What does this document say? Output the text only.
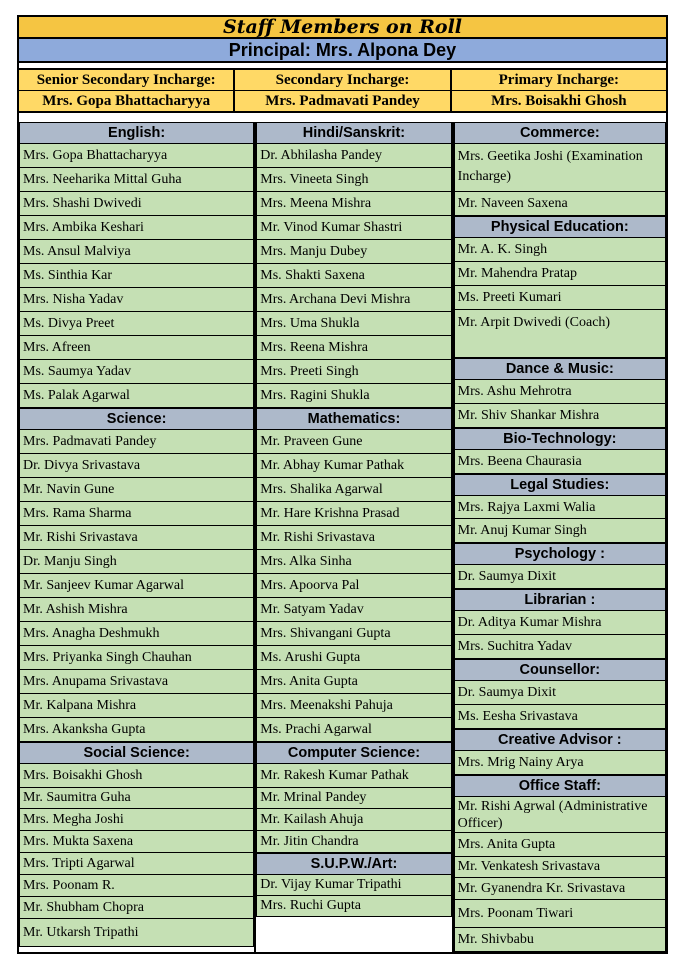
Staff Members on Roll
Principal: Mrs. Alpona Dey
Senior Secondary Incharge:
Mrs. Gopa Bhattacharyya
Secondary Incharge:
Mrs. Padmavati Pandey
Primary Incharge:
Mrs. Boisakhi Ghosh
English:
Mrs. Gopa Bhattacharyya
Mrs. Neeharika Mittal Guha
Mrs. Shashi Dwivedi
Mrs. Ambika Keshari
Ms. Ansul Malviya
Ms. Sinthia Kar
Mrs. Nisha Yadav
Ms. Divya Preet
Mrs. Afreen
Ms. Saumya Yadav
Ms. Palak Agarwal
Science:
Mrs. Padmavati Pandey
Dr. Divya Srivastava
Mr. Navin Gune
Mrs. Rama Sharma
Mr. Rishi Srivastava
Dr. Manju Singh
Mr. Sanjeev Kumar Agarwal
Mr. Ashish Mishra
Mrs. Anagha Deshmukh
Mrs. Priyanka Singh Chauhan
Mrs. Anupama Srivastava
Mr. Kalpana Mishra
Mrs. Akanksha Gupta
Social Science:
Mrs. Boisakhi Ghosh
Mr. Saumitra Guha
Mrs. Megha Joshi
Mrs. Mukta Saxena
Mrs. Tripti Agarwal
Mrs. Poonam R.
Mr. Shubham Chopra
Mr. Utkarsh Tripathi
Hindi/Sanskrit:
Dr. Abhilasha Pandey
Mrs. Vineeta Singh
Mrs. Meena Mishra
Mr. Vinod Kumar Shastri
Mrs. Manju Dubey
Ms. Shakti Saxena
Mrs. Archana Devi Mishra
Mrs. Uma Shukla
Mrs. Reena Mishra
Mrs. Preeti Singh
Mrs. Ragini Shukla
Mathematics:
Mr. Praveen Gune
Mr. Abhay Kumar Pathak
Mrs. Shalika Agarwal
Mr. Hare Krishna Prasad
Mr. Rishi Srivastava
Mrs. Alka Sinha
Mrs. Apoorva Pal
Mr. Satyam Yadav
Mrs. Shivangani Gupta
Ms. Arushi Gupta
Mrs. Anita Gupta
Mrs. Meenakshi Pahuja
Ms. Prachi Agarwal
Computer Science:
Mr. Rakesh Kumar Pathak
Mr. Mrinal Pandey
Mr. Kailash Ahuja
Mr. Jitin Chandra
S.U.P.W./Art:
Dr. Vijay Kumar Tripathi
Mrs. Ruchi Gupta
Commerce:
Mrs. Geetika Joshi (Examination Incharge)
Mr. Naveen Saxena
Physical Education:
Mr. A. K. Singh
Mr. Mahendra Pratap
Ms. Preeti Kumari
Mr. Arpit Dwivedi (Coach)
Dance & Music:
Mrs. Ashu Mehrotra
Mr. Shiv Shankar Mishra
Bio-Technology:
Mrs. Beena Chaurasia
Legal Studies:
Mrs. Rajya Laxmi Walia
Mr. Anuj Kumar Singh
Psychology :
Dr. Saumya Dixit
Librarian :
Dr. Aditya Kumar Mishra
Mrs. Suchitra Yadav
Counsellor:
Dr. Saumya Dixit
Ms. Eesha Srivastava
Creative Advisor :
Mrs. Mrig Nainy Arya
Office Staff:
Mr. Rishi Agrwal (Administrative Officer)
Mrs. Anita Gupta
Mr. Venkatesh Srivastava
Mr. Gyanendra Kr. Srivastava
Mrs. Poonam Tiwari
Mr. Shivbabu
